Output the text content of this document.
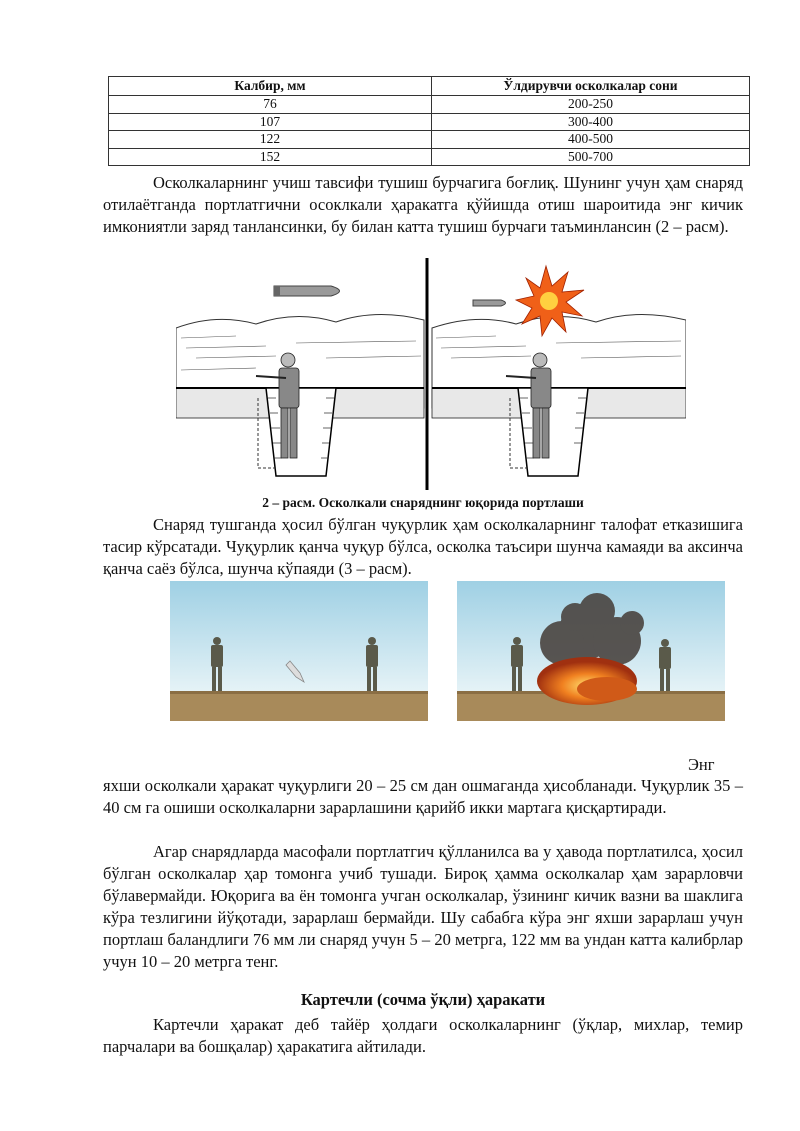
Калбир, мм	Ўлдирувчи осколкалар сони
76	200-250
107	300-400
122	400-500
152	500-700

Осколкаларнинг учиш тавсифи тушиш бурчагига боғлиқ. Шунинг учун ҳам снаряд отилаётганда портлатгични осоклкали ҳаракатга қўйишда отиш шароитида энг кичик имкониятли заряд танлансинки, бу билан катта тушиш бурчаги таъминлансин (2 – расм).

2 – расм. Осколкали снаряднинг юқорида портлаши

Снаряд тушганда ҳосил бўлган чуқурлик ҳам осколкаларнинг талофат етказишига тасир кўрсатади. Чуқурлик қанча чуқур бўлса, осколка таъсири шунча камаяди ва аксинча қанча саёз бўлса, шунча кўпаяди (3 – расм).

Энг

яхши осколкали ҳаракат чуқурлиги 20 – 25 см дан ошмаганда ҳисобланади. Чуқурлик 35 – 40 см га ошиши осколкаларни зарарлашини қарийб икки мартага қисқартиради.

Агар снарядларда масофали портлатгич қўлланилса ва у ҳавода портлатилса, ҳосил бўлган осколкалар ҳар томонга учиб тушади. Бироқ ҳамма осколкалар ҳам зарарловчи бўлавермайди. Юқорига ва ён томонга учган осколкалар, ўзининг кичик вазни ва шаклига кўра тезлигини йўқотади, зарарлаш бермайди. Шу сабабга кўра энг яхши зарарлаш учун портлаш баландлиги 76 мм ли снаряд учун 5 – 20 метрга, 122 мм ва ундан катта калибрлар учун 10 – 20 метрга тенг.

Картечли (сочма ўқли) ҳаракати

Картечли ҳаракат деб тайёр ҳолдаги осколкаларнинг (ўқлар, михлар, темир парчалари ва бошқалар) ҳаракатига айтилади.
